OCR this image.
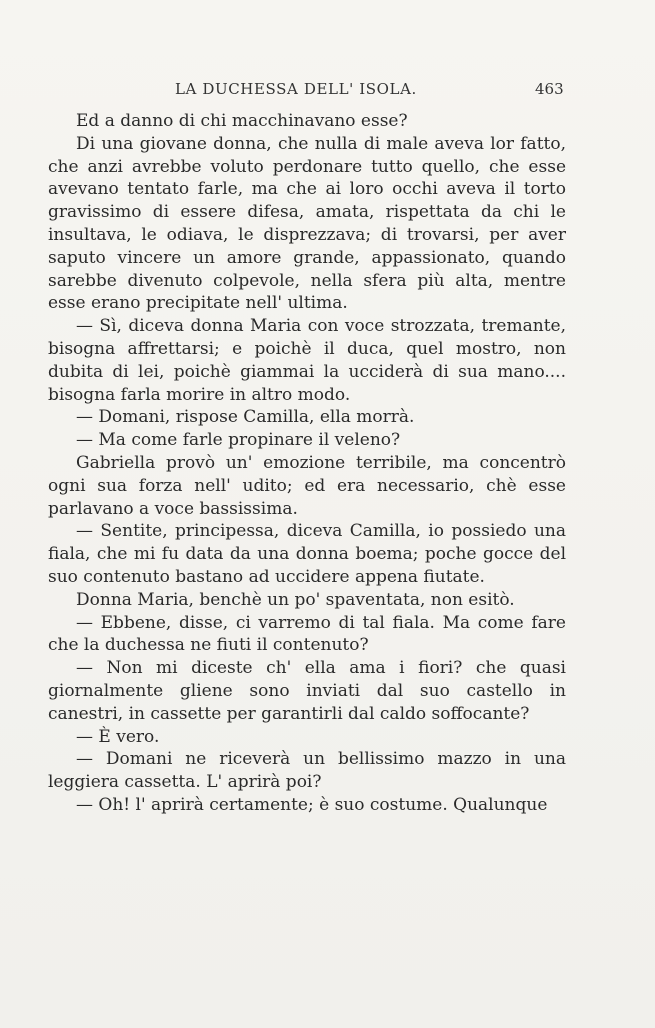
LA DUCHESSA DELL' ISOLA.	463

Ed a danno di chi macchinavano esse?

Di una giovane donna, che nulla di male aveva lor fatto, che anzi avrebbe voluto perdonare tutto quello, che esse avevano tentato farle, ma che ai loro occhi aveva il torto gravissimo di essere difesa, amata, rispettata da chi le insultava, le odiava, le disprezzava; di trovarsi, per aver saputo vincere un amore grande, appassionato, quando sarebbe divenuto colpevole, nella sfera più alta, mentre esse erano precipitate nell' ultima.

— Sì, diceva donna Maria con voce strozzata, tremante, bisogna affrettarsi; e poichè il duca, quel mostro, non dubita di lei, poichè giammai la ucciderà di sua mano.... bisogna farla morire in altro modo.

— Domani, rispose Camilla, ella morrà.

— Ma come farle propinare il veleno?

Gabriella provò un' emozione terribile, ma concentrò ogni sua forza nell' udito; ed era necessario, chè esse parlavano a voce bassissima.

— Sentite, principessa, diceva Camilla, io possiedo una fiala, che mi fu data da una donna boema; poche gocce del suo contenuto bastano ad uccidere appena fiutate.

Donna Maria, benchè un po' spaventata, non esitò.

— Ebbene, disse, ci varremo di tal fiala. Ma come fare che la duchessa ne fiuti il contenuto?

— Non mi diceste ch' ella ama i fiori? che quasi giornalmente gliene sono inviati dal suo castello in canestri, in cassette per garantirli dal caldo soffocante?

— È vero.

— Domani ne riceverà un bellissimo mazzo in una leggiera cassetta. L' aprirà poi?

— Oh! l' aprirà certamente; è suo costume. Qualunque
